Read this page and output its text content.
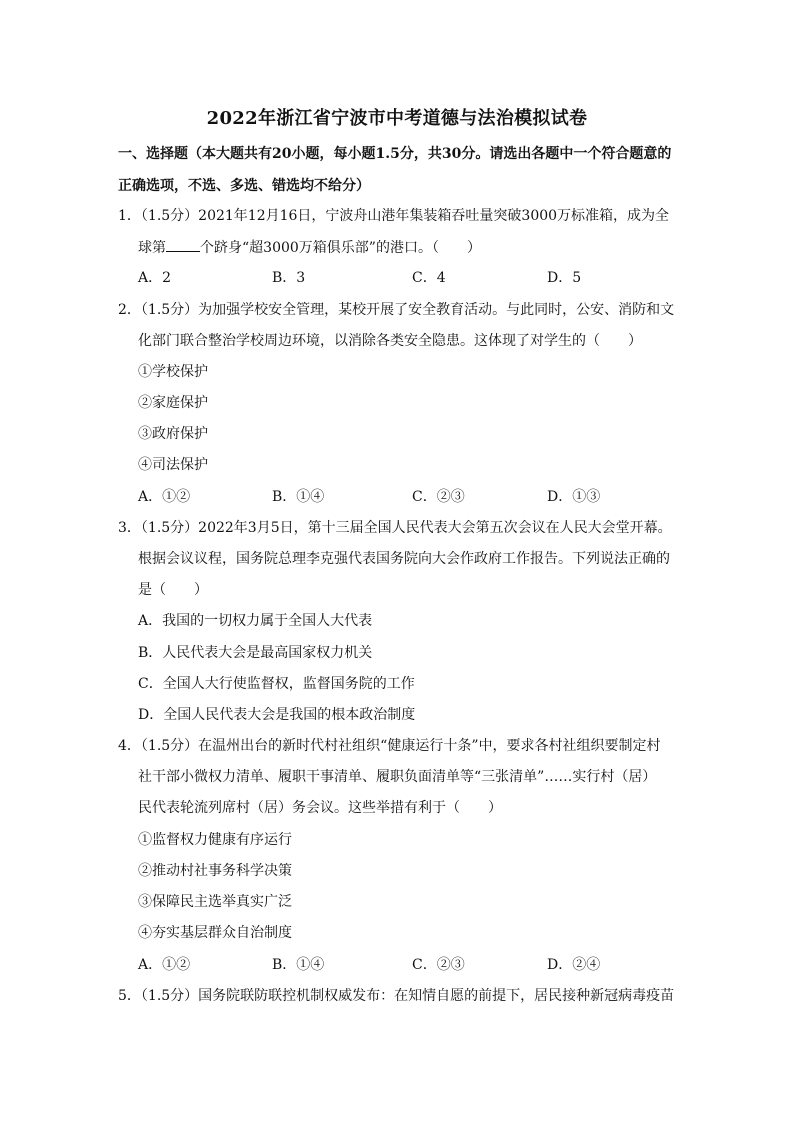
2022年浙江省宁波市中考道德与法治模拟试卷
一、选择题（本大题共有20小题，每小题1.5分，共30分。请选出各题中一个符合题意的
正确选项，不选、多选、错选均不给分）
1．（1.5分）2021年12月16日，宁波舟山港年集装箱吞吐量突破3000万标准箱，成为全
球第 个跻身“超3000万箱俱乐部”的港口。（　　）
A．2	B．3	C．4	D．5
2．（1.5分）为加强学校安全管理，某校开展了安全教育活动。与此同时，公安、消防和文
化部门联合整治学校周边环境，以消除各类安全隐患。这体现了对学生的（　　）
①学校保护
②家庭保护
③政府保护
④司法保护
A．①②	B．①④	C．②③	D．①③
3．（1.5分）2022年3月5日，第十三届全国人民代表大会第五次会议在人民大会堂开幕。
根据会议议程，国务院总理李克强代表国务院向大会作政府工作报告。下列说法正确的
是（　　）
A．我国的一切权力属于全国人大代表
B．人民代表大会是最高国家权力机关
C．全国人大行使监督权，监督国务院的工作
D．全国人民代表大会是我国的根本政治制度
4．（1.5分）在温州出台的新时代村社组织“健康运行十条”中，要求各村社组织要制定村
社干部小微权力清单、履职干事清单、履职负面清单等“三张清单”……实行村（居）
民代表轮流列席村（居）务会议。这些举措有利于（　　）
①监督权力健康有序运行
②推动村社事务科学决策
③保障民主选举真实广泛
④夯实基层群众自治制度
A．①②	B．①④	C．②③	D．②④
5．（1.5分）国务院联防联控机制权威发布：在知情自愿的前提下，居民接种新冠病毒疫苗
